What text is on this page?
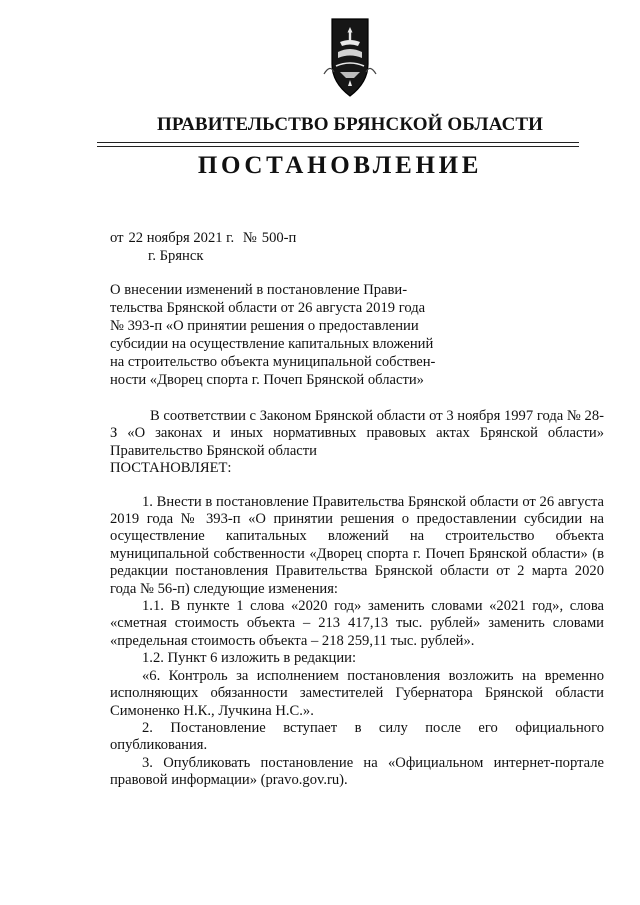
ПРАВИТЕЛЬСТВО БРЯНСКОЙ ОБЛАСТИ
ПОСТАНОВЛЕНИЕ
от 22 ноября 2021 г. № 500-п
г. Брянск
О внесении изменений в постановление Прави-
тельства Брянской области от 26 августа 2019 года
№ 393-п «О принятии решения о предоставлении
субсидии на осуществление капитальных вложений
на строительство объекта муниципальной собствен-
ности «Дворец спорта г. Почеп Брянской области»

В соответствии с Законом Брянской области от 3 ноября 1997 года № 28-З «О законах и иных нормативных правовых актах Брянской области» Правительство Брянской области

ПОСТАНОВЛЯЕТ:

1. Внести в постановление Правительства Брянской области от 26 августа 2019 года № 393-п «О принятии решения о предоставлении субсидии на осуществление капитальных вложений на строительство объекта муниципальной собственности «Дворец спорта г. Почеп Брянской области» (в редакции постановления Правительства Брянской области от 2 марта 2020 года № 56-п) следующие изменения:

1.1. В пункте 1 слова «2020 год» заменить словами «2021 год», слова «сметная стоимость объекта – 213 417,13 тыс. рублей» заменить словами «предельная стоимость объекта – 218 259,11 тыс. рублей».

1.2. Пункт 6 изложить в редакции:

«6. Контроль за исполнением постановления возложить на временно исполняющих обязанности заместителей Губернатора Брянской области Симоненко Н.К., Лучкина Н.С.».

2. Постановление вступает в силу после его официального опубликования.

3. Опубликовать постановление на «Официальном интернет-портале правовой информации» (pravo.gov.ru).
